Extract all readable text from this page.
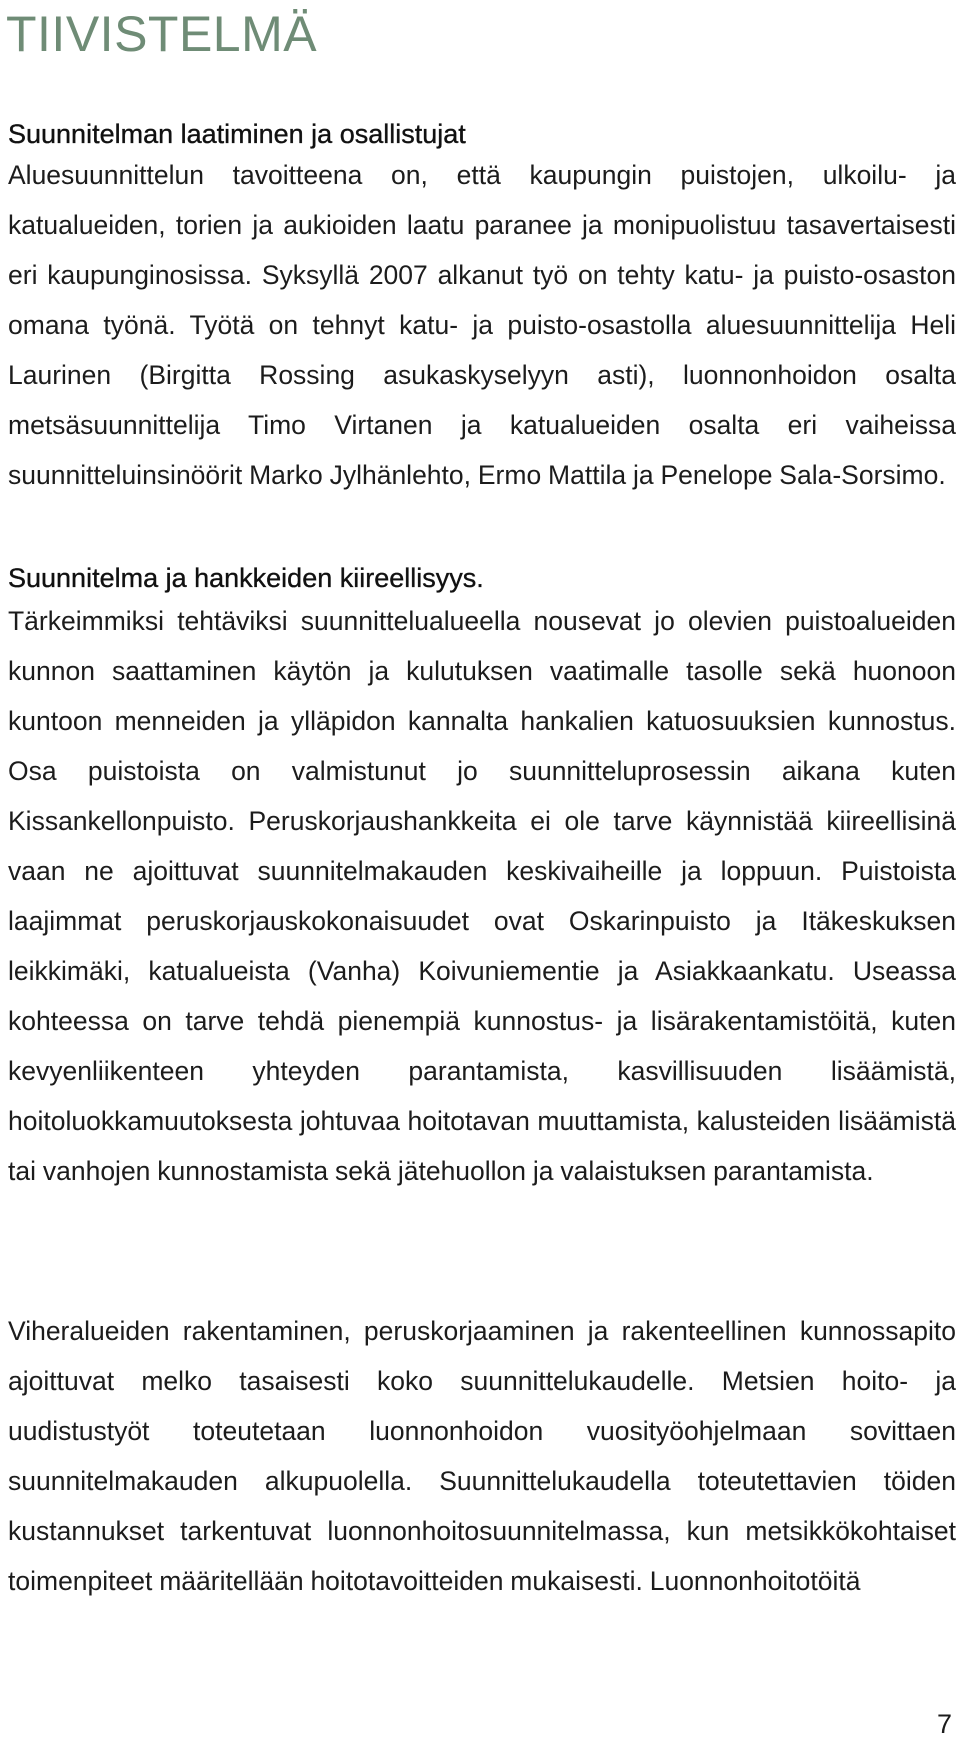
TIIVISTELMÄ
Suunnitelman laatiminen ja osallistujat

Aluesuunnittelun tavoitteena on, että kaupungin puistojen, ulkoilu- ja katualueiden, torien ja aukioiden laatu paranee ja monipuolistuu tasavertaisesti eri kaupunginosissa. Syksyllä 2007 alkanut työ on tehty katu- ja puisto-osaston omana työnä. Työtä on tehnyt katu- ja puisto-osastolla aluesuunnittelija Heli Laurinen (Birgitta Rossing asukaskyselyyn asti), luonnonhoidon osalta metsäsuunnittelija Timo Virtanen ja katualueiden osalta eri vaiheissa suunnitteluinsinöörit Marko Jylhänlehto, Ermo Mattila ja Penelope Sala-Sorsimo.

Suunnitelma ja hankkeiden kiireellisyys.

Tärkeimmiksi tehtäviksi suunnittelualueella nousevat jo olevien puistoalueiden kunnon saattaminen käytön ja kulutuksen vaatimalle tasolle sekä huonoon kuntoon menneiden ja ylläpidon kannalta hankalien katuosuuksien kunnostus. Osa puistoista on valmistunut jo suunnitteluprosessin aikana kuten Kissankellonpuisto. Peruskorjaushankkeita ei ole tarve käynnistää kiireellisinä vaan ne ajoittuvat suunnitelmakauden keskivaiheille ja loppuun. Puistoista laajimmat peruskorjauskokonaisuudet ovat Oskarinpuisto ja Itäkeskuksen leikkimäki, katualueista (Vanha) Koivuniementie ja Asiakkaankatu. Useassa kohteessa on tarve tehdä pienempiä kunnostus- ja lisärakentamistöitä, kuten kevyenliikenteen yhteyden parantamista, kasvillisuuden lisäämistä, hoitoluokkamuutoksesta johtuvaa hoitotavan muuttamista, kalusteiden lisäämistä tai vanhojen kunnostamista sekä jätehuollon ja valaistuksen parantamista.

Viheralueiden rakentaminen, peruskorjaaminen ja rakenteellinen kunnossapito ajoittuvat melko tasaisesti koko suunnittelukaudelle. Metsien hoito- ja uudistustyöt toteutetaan luonnonhoidon vuosityöohjelmaan sovittaen suunnitelmakauden alkupuolella. Suunnittelukaudella toteutettavien töiden kustannukset tarkentuvat luonnonhoitosuunnitelmassa, kun metsikkökohtaiset toimenpiteet määritellään hoitotavoitteiden mukaisesti. Luonnonhoitotöitä

7
